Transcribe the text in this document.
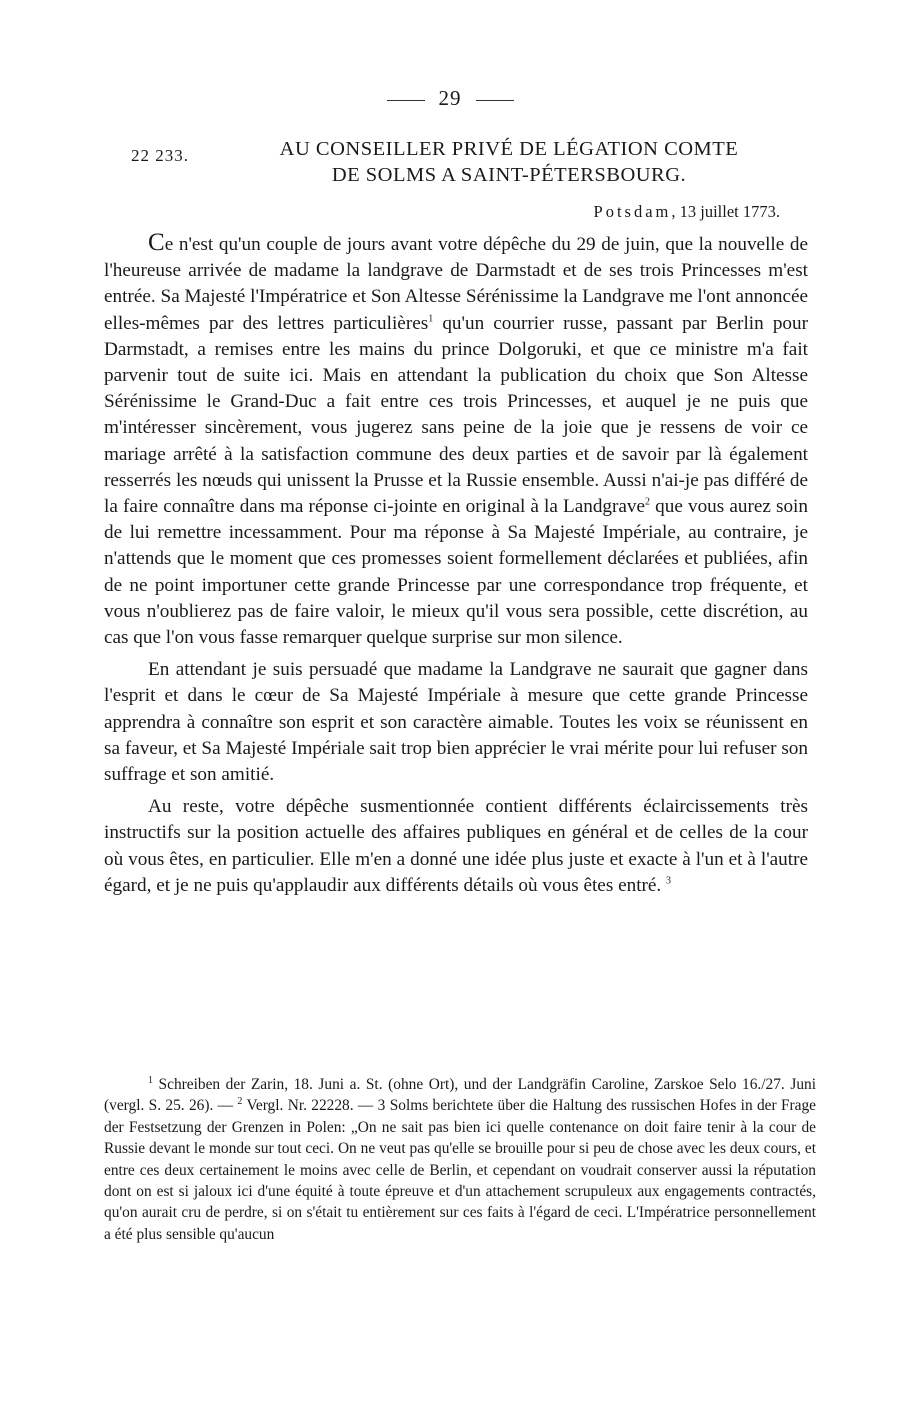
29
22 233.	AU CONSEILLER PRIVÉ DE LÉGATION COMTE
DE SOLMS A SAINT-PÉTERSBOURG.
Potsdam, 13 juillet 1773.

Ce n'est qu'un couple de jours avant votre dépêche du 29 de juin, que la nouvelle de l'heureuse arrivée de madame la landgrave de Darmstadt et de ses trois Princesses m'est entrée. Sa Majesté l'Impératrice et Son Altesse Sérénissime la Landgrave me l'ont annoncée elles-mêmes par des lettres particulières$^1$ qu'un courrier russe, passant par Berlin pour Darmstadt, a remises entre les mains du prince Dolgoruki, et que ce ministre m'a fait parvenir tout de suite ici. Mais en attendant la publication du choix que Son Altesse Sérénissime le Grand-Duc a fait entre ces trois Princesses, et auquel je ne puis que m'intéresser sincèrement, vous jugerez sans peine de la joie que je ressens de voir ce mariage arrêté à la satisfaction commune des deux parties et de savoir par là également resserrés les nœuds qui unissent la Prusse et la Russie ensemble. Aussi n'ai-je pas différé de la faire connaître dans ma réponse ci-jointe en original à la Landgrave$^2$ que vous aurez soin de lui remettre incessamment. Pour ma réponse à Sa Majesté Impériale, au contraire, je n'attends que le moment que ces promesses soient formellement déclarées et publiées, afin de ne point importuner cette grande Princesse par une correspondance trop fréquente, et vous n'oublierez pas de faire valoir, le mieux qu'il vous sera possible, cette discrétion, au cas que l'on vous fasse remarquer quelque surprise sur mon silence.

En attendant je suis persuadé que madame la Landgrave ne saurait que gagner dans l'esprit et dans le cœur de Sa Majesté Impériale à mesure que cette grande Princesse apprendra à connaître son esprit et son caractère aimable. Toutes les voix se réunissent en sa faveur, et Sa Majesté Impériale sait trop bien apprécier le vrai mérite pour lui refuser son suffrage et son amitié.

Au reste, votre dépêche susmentionnée contient différents éclaircissements très instructifs sur la position actuelle des affaires publiques en général et de celles de la cour où vous êtes, en particulier. Elle m'en a donné une idée plus juste et exacte à l'un et à l'autre égard, et je ne puis qu'applaudir aux différents détails où vous êtes entré. $^3$

$^1$ Schreiben der Zarin, 18. Juni a. St. (ohne Ort), und der Landgräfin Caroline, Zarskoe Selo 16./27. Juni (vergl. S. 25. 26). — $^2$ Vergl. Nr. 22228. — 3 Solms berichtete über die Haltung des russischen Hofes in der Frage der Festsetzung der Grenzen in Polen: „On ne sait pas bien ici quelle contenance on doit faire tenir à la cour de Russie devant le monde sur tout ceci. On ne veut pas qu'elle se brouille pour si peu de chose avec les deux cours, et entre ces deux certainement le moins avec celle de Berlin, et cependant on voudrait conserver aussi la réputation dont on est si jaloux ici d'une équité à toute épreuve et d'un attachement scrupuleux aux engagements contractés, qu'on aurait cru de perdre, si on s'était tu entièrement sur ces faits à l'égard de ceci. L'Impératrice personnellement a été plus sensible qu'aucun
